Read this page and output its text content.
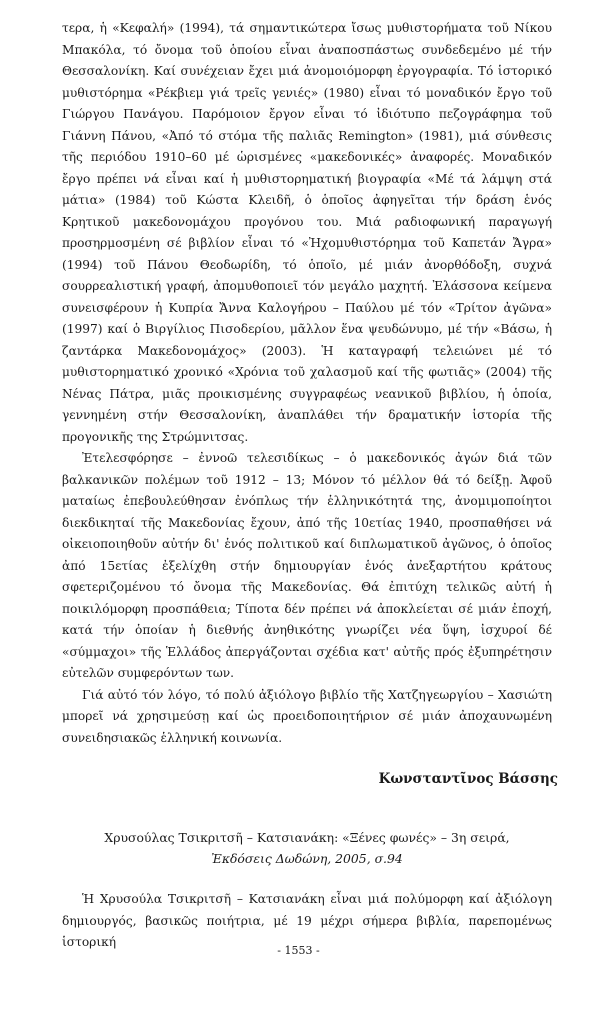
τερα, ἡ «Κεφαλή» (1994), τά σημαντικώτερα ἴσως μυθιστορήματα τοῦ Νίκου Μπακόλα, τό ὄνομα τοῦ ὁποίου εἶναι ἀναποσπάστως συνδεδεμένο μέ τήν Θεσσαλονίκη. Καί συνέχειαν ἔχει μιά ἀνομοιόμορφη ἐργογραφία. Τό ἱστορικό μυθιστόρημα «Ρέκβιεμ γιά τρεῖς γενιές» (1980) εἶναι τό μοναδικόν ἔργο τοῦ Γιώργου Πανάγου. Παρόμοιον ἔργον εἶναι τό ἰδιότυπο πεζογράφημα τοῦ Γιάννη Πάνου, «Ἀπό τό στόμα τῆς παλιᾶς Remington» (1981), μιά σύνθεσις τῆς περιόδου 1910–60 μέ ὡρισμένες «μακεδονικές» ἀναφορές. Μοναδικόν ἔργο πρέπει νά εἶναι καί ἡ μυθιστορηματική βιογραφία «Μέ τά λάμψη στά μάτια» (1984) τοῦ Κώστα Κλειδῆ, ὁ ὁποῖος ἀφηγεῖται τήν δράση ἑνός Κρητικοῦ μακεδονομάχου προγόνου του. Μιά ραδιοφωνική παραγωγή προσηρμοσμένη σέ βιβλίον εἶναι τό «Ἠχομυθιστόρημα τοῦ Καπετάν Ἄγρα» (1994) τοῦ Πάνου Θεοδωρίδη, τό ὁποῖο, μέ μιάν ἀνορθόδοξη, συχνά σουρρεαλιστική γραφή, ἀπομυθοποιεῖ τόν μεγάλο μαχητή. Ἐλάσσονα κείμενα συνεισφέρουν ἡ Κυπρία Ἄννα Καλογήρου – Παύλου μέ τόν «Τρίτον ἀγῶνα» (1997) καί ὁ Βιργίλιος Πισοδερίου, μᾶλλον ἕνα ψευδώνυμο, μέ τήν «Βάσω, ἡ ζαντάρκα Μακεδονομάχος» (2003). Ἡ καταγραφή τελειώνει μέ τό μυθιστορηματικό χρονικό «Χρόνια τοῦ χαλασμοῦ καί τῆς φωτιᾶς» (2004) τῆς Νένας Πάτρα, μιᾶς προικισμένης συγγραφέως νεανικοῦ βιβλίου, ἡ ὁποία, γεννημένη στήν Θεσσαλονίκη, ἀναπλάθει τήν δραματικήν ἱστορία τῆς προγονικῆς της Στρώμνιτσας.

Ἐτελεσφόρησε – ἐννοῶ τελεσιδίκως – ὁ μακεδονικός ἀγών διά τῶν βαλκανικῶν πολέμων τοῦ 1912 – 13; Μόνον τό μέλλον θά τό δείξῃ. Ἀφοῦ ματαίως ἐπεβουλεύθησαν ἐνόπλως τήν ἑλληνικότητά της, ἀνομιμοποίητοι διεκδικηταί τῆς Μακεδονίας ἔχουν, ἀπό τῆς 10ετίας 1940, προσπαθήσει νά οἰκειοποιηθοῦν αὐτήν δι' ἑνός πολιτικοῦ καί διπλωματικοῦ ἀγῶνος, ὁ ὁποῖος ἀπό 15ετίας ἐξελίχθη στήν δημιουργίαν ἑνός ἀνεξαρτήτου κράτους σφετεριζομένου τό ὄνομα τῆς Μακεδονίας. Θά ἐπιτύχη τελικῶς αὐτή ἡ ποικιλόμορφη προσπάθεια; Τίποτα δέν πρέπει νά ἀποκλείεται σέ μιάν ἐποχή, κατά τήν ὁποίαν ἡ διεθνής ἀνηθικότης γνωρίζει νέα ὕψη, ἰσχυροί δέ «σύμμαχοι» τῆς Ἑλλάδος ἀπεργάζονται σχέδια κατ' αὐτῆς πρός ἐξυπηρέτησιν εὐτελῶν συμφερόντων των.

Γιά αὐτό τόν λόγο, τό πολύ ἀξιόλογο βιβλίο τῆς Χατζηγεωργίου – Χασιώτη μπορεῖ νά χρησιμεύσῃ καί ὡς προειδοποιητήριον σέ μιάν ἀποχαυνωμένη συνειδησιακῶς ἑλληνική κοινωνία.

Κωνσταντῖνος Βάσσης
Χρυσούλας Τσικριτσῆ – Κατσιανάκη: «Ξένες φωνές» – 3η σειρά,
Ἐκδόσεις Δωδώνη, 2005, σ.94

Ἡ Χρυσούλα Τσικριτσῆ – Κατσιανάκη εἶναι μιά πολύμορφη καί ἀξιόλογη δημιουργός, βασικῶς ποιήτρια, μέ 19 μέχρι σήμερα βιβλία, παρεπομένως ἱστορική

- 1553 -
